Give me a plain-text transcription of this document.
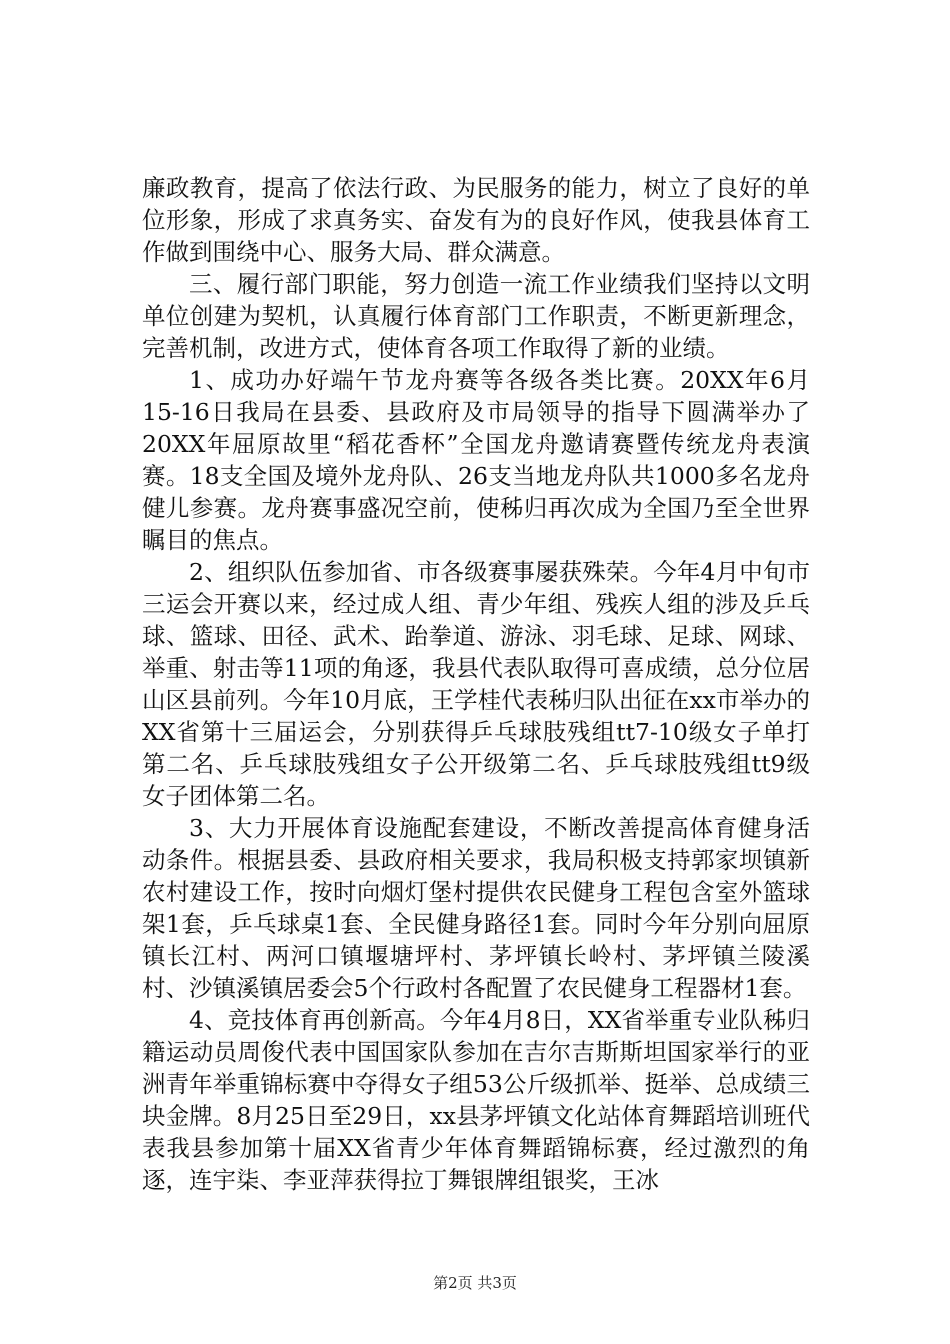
廉政教育，提高了依法行政、为民服务的能力，树立了良好的单位形象，形成了求真务实、奋发有为的良好作风，使我县体育工作做到围绕中心、服务大局、群众满意。

三、履行部门职能，努力创造一流工作业绩我们坚持以文明单位创建为契机，认真履行体育部门工作职责，不断更新理念，完善机制，改进方式，使体育各项工作取得了新的业绩。

1、成功办好端午节龙舟赛等各级各类比赛。20XX年6月15-16日我局在县委、县政府及市局领导的指导下圆满举办了20XX年屈原故里“稻花香杯”全国龙舟邀请赛暨传统龙舟表演赛。18支全国及境外龙舟队、26支当地龙舟队共1000多名龙舟健儿参赛。龙舟赛事盛况空前，使秭归再次成为全国乃至全世界瞩目的焦点。

2、组织队伍参加省、市各级赛事屡获殊荣。今年4月中旬市三运会开赛以来，经过成人组、青少年组、残疾人组的涉及乒乓球、篮球、田径、武术、跆拳道、游泳、羽毛球、足球、网球、举重、射击等11项的角逐，我县代表队取得可喜成绩，总分位居山区县前列。今年10月底，王学桂代表秭归队出征在xx市举办的XX省第十三届运会，分别获得乒乓球肢残组tt7-10级女子单打第二名、乒乓球肢残组女子公开级第二名、乒乓球肢残组tt9级女子团体第二名。

3、大力开展体育设施配套建设，不断改善提高体育健身活动条件。根据县委、县政府相关要求，我局积极支持郭家坝镇新农村建设工作，按时向烟灯堡村提供农民健身工程包含室外篮球架1套，乒乓球桌1套、全民健身路径1套。同时今年分别向屈原镇长江村、两河口镇堰塘坪村、茅坪镇长岭村、茅坪镇兰陵溪村、沙镇溪镇居委会5个行政村各配置了农民健身工程器材1套。

4、竞技体育再创新高。今年4月8日，XX省举重专业队秭归籍运动员周俊代表中国国家队参加在吉尔吉斯斯坦国家举行的亚洲青年举重锦标赛中夺得女子组53公斤级抓举、挺举、总成绩三块金牌。8月25日至29日，xx县茅坪镇文化站体育舞蹈培训班代表我县参加第十届XX省青少年体育舞蹈锦标赛，经过激烈的角逐，连宇柒、李亚萍获得拉丁舞银牌组银奖，王冰

第2页 共3页
